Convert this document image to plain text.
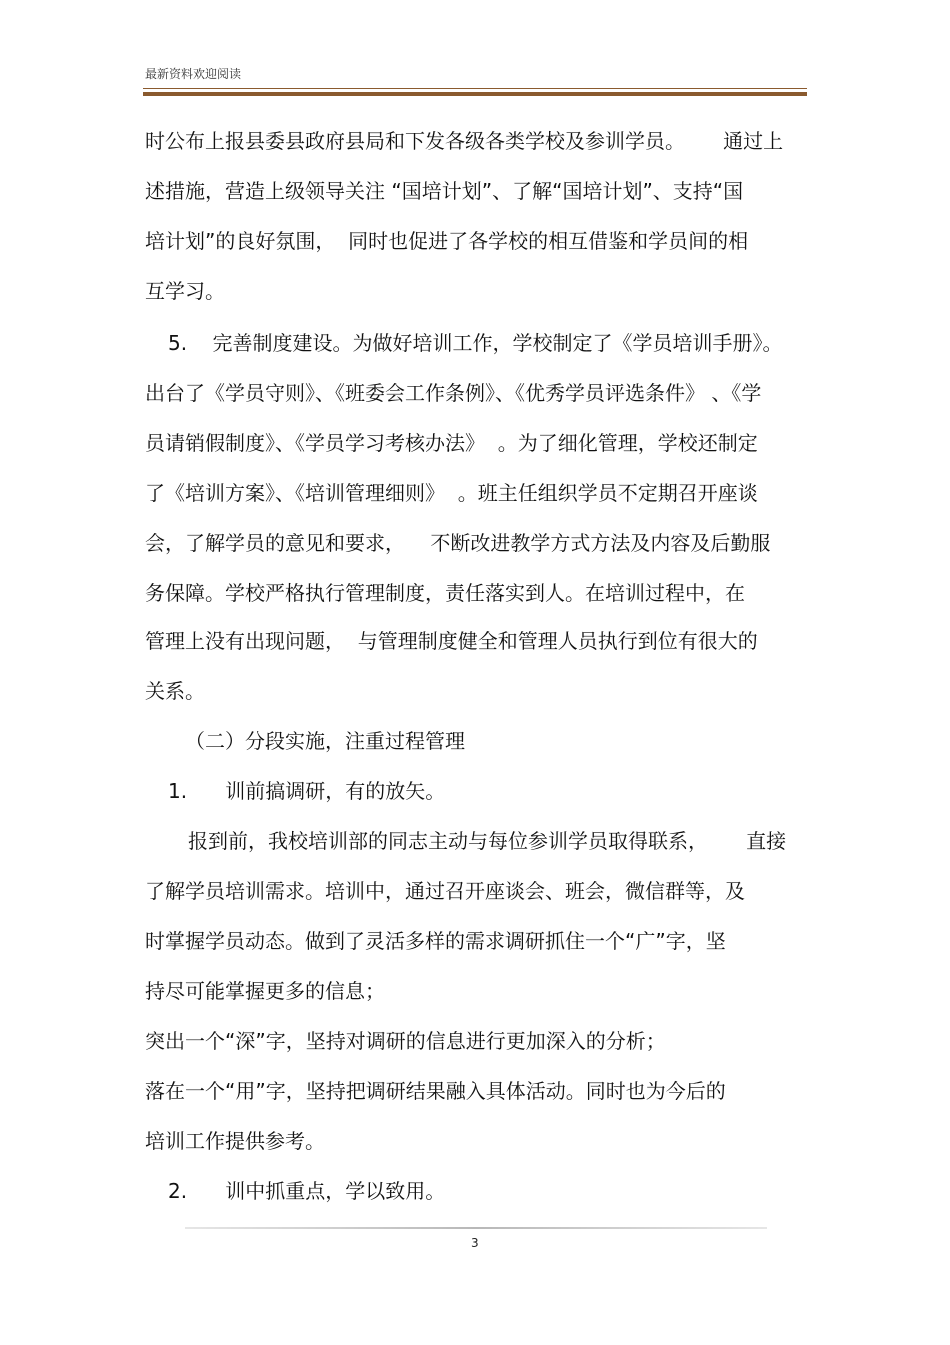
最新资料欢迎阅读
时公布上报县委县政府县局和下发各级各类学校及参训学员。      通过上
述措施，营造上级领导关注 “国培计划”、了解“国培计划”、支持“国
培计划”的良好氛围，  同时也促进了各学校的相互借鉴和学员间的相
互学习。
5.    完善制度建设。为做好培训工作，学校制定了《学员培训手册》。
出台了《学员守则》、《班委会工作条例》、《优秀学员评选条件》 、《学
员请销假制度》、《学员学习考核办法》  。为了细化管理，学校还制定
了《培训方案》、《培训管理细则》  。班主任组织学员不定期召开座谈
会，了解学员的意见和要求，    不断改进教学方式方法及内容及后勤服
务保障。学校严格执行管理制度，责任落实到人。在培训过程中，在
管理上没有出现问题，  与管理制度健全和管理人员执行到位有很大的
关系。
（二）分段实施，注重过程管理
1.      训前搞调研，有的放矢。
报到前，我校培训部的同志主动与每位参训学员取得联系，      直接
了解学员培训需求。培训中，通过召开座谈会、班会，微信群等，及
时掌握学员动态。做到了灵活多样的需求调研抓住一个“广”字，坚
持尽可能掌握更多的信息；
突出一个“深”字，坚持对调研的信息进行更加深入的分析；
落在一个“用”字，坚持把调研结果融入具体活动。同时也为今后的
培训工作提供参考。
2.      训中抓重点，学以致用。
3
